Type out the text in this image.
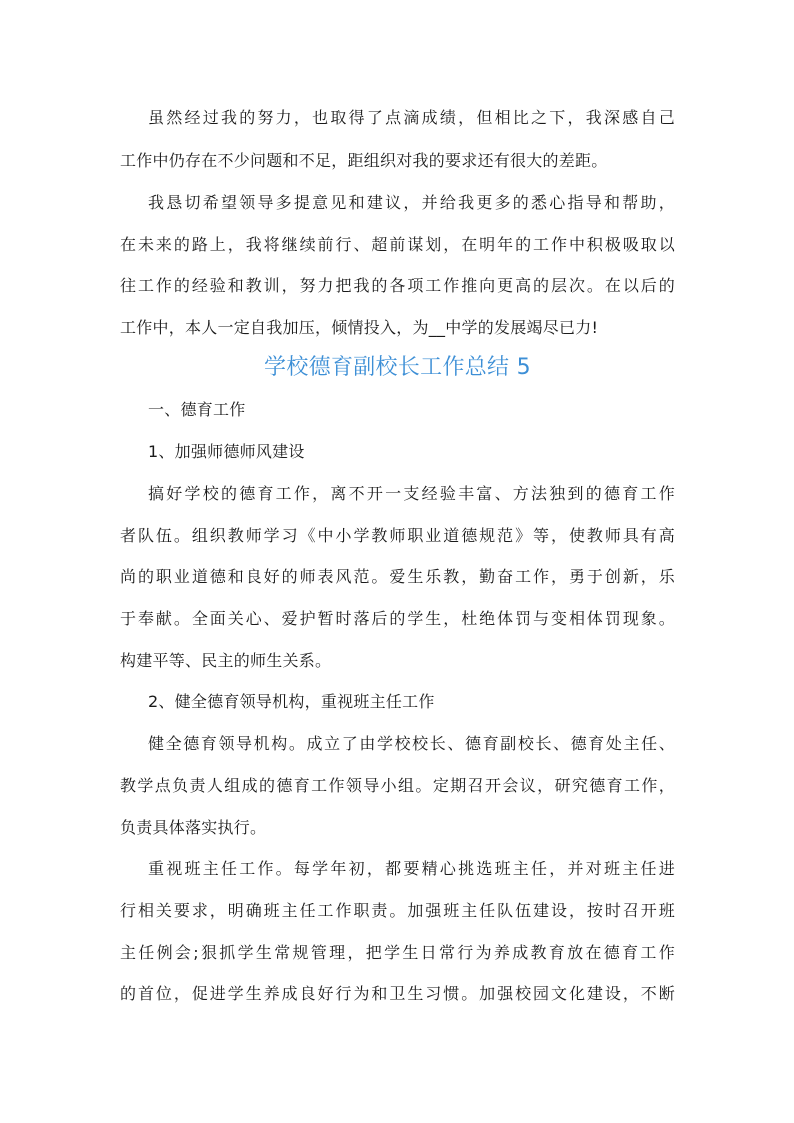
虽然经过我的努力，也取得了点滴成绩，但相比之下，我深感自己
工作中仍存在不少问题和不足，距组织对我的要求还有很大的差距。
我恳切希望领导多提意见和建议，并给我更多的悉心指导和帮助，
在未来的路上，我将继续前行、超前谋划，在明年的工作中积极吸取以
往工作的经验和教训，努力把我的各项工作推向更高的层次。在以后的
工作中，本人一定自我加压，倾情投入，为__中学的发展竭尽已力!
学校德育副校长工作总结 5
一、德育工作
1、加强师德师风建设
搞好学校的德育工作，离不开一支经验丰富、方法独到的德育工作
者队伍。组织教师学习《中小学教师职业道德规范》等，使教师具有高
尚的职业道德和良好的师表风范。爱生乐教，勤奋工作，勇于创新，乐
于奉献。全面关心、爱护暂时落后的学生，杜绝体罚与变相体罚现象。
构建平等、民主的师生关系。
2、健全德育领导机构，重视班主任工作
健全德育领导机构。成立了由学校校长、德育副校长、德育处主任、
教学点负责人组成的德育工作领导小组。定期召开会议，研究德育工作，
负责具体落实执行。
重视班主任工作。每学年初，都要精心挑选班主任，并对班主任进
行相关要求，明确班主任工作职责。加强班主任队伍建设，按时召开班
主任例会;狠抓学生常规管理，把学生日常行为养成教育放在德育工作
的首位，促进学生养成良好行为和卫生习惯。加强校园文化建设，不断
